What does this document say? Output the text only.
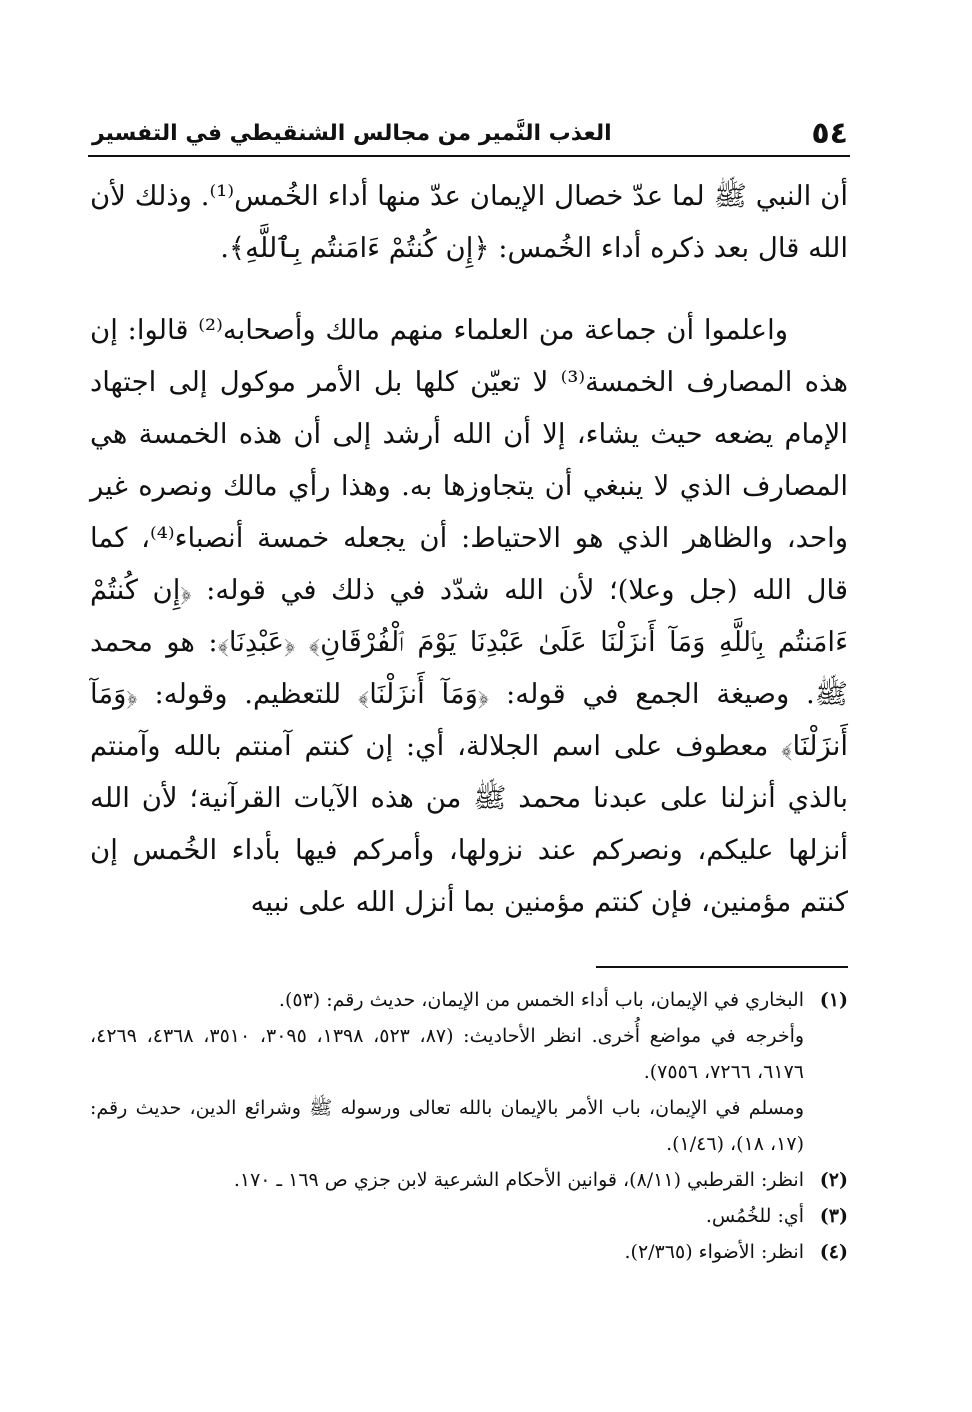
٥٤
العذب النَّمير من مجالس الشنقيطي في التفسير

أن النبي ﷺ لما عدّ خصال الإيمان عدّ منها أداء الخُمس⁽¹⁾. وذلك لأن الله قال بعد ذكره أداء الخُمس: ﴿إِن كُنتُمْ ءَامَنتُم بِٱللَّهِ﴾.

واعلموا أن جماعة من العلماء منهم مالك وأصحابه⁽²⁾ قالوا: إن هذه المصارف الخمسة⁽³⁾ لا تعيّن كلها بل الأمر موكول إلى اجتهاد الإمام يضعه حيث يشاء، إلا أن الله أرشد إلى أن هذه الخمسة هي المصارف الذي لا ينبغي أن يتجاوزها به. وهذا رأي مالك ونصره غير واحد، والظاهر الذي هو الاحتياط: أن يجعله خمسة أنصباء⁽⁴⁾، كما قال الله (جل وعلا)؛ لأن الله شدّد في ذلك في قوله: ﴿إِن كُنتُمْ ءَامَنتُم بِٱللَّهِ وَمَآ أَنزَلْنَا عَلَىٰ عَبْدِنَا يَوْمَ ٱلْفُرْقَانِ﴾ ﴿عَبْدِنَا﴾: هو محمد ﷺ. وصيغة الجمع في قوله: ﴿وَمَآ أَنزَلْنَا﴾ للتعظيم. وقوله: ﴿وَمَآ أَنزَلْنَا﴾ معطوف على اسم الجلالة، أي: إن كنتم آمنتم بالله وآمنتم بالذي أنزلنا على عبدنا محمد ﷺ من هذه الآيات القرآنية؛ لأن الله أنزلها عليكم، ونصركم عند نزولها، وأمركم فيها بأداء الخُمس إن كنتم مؤمنين، فإن كنتم مؤمنين بما أنزل الله على نبيه

(١)
البخاري في الإيمان، باب أداء الخمس من الإيمان، حديث رقم: (٥٣).
وأخرجه في مواضع أُخرى. انظر الأحاديث: (٨٧، ٥٢٣، ١٣٩٨، ٣٠٩٥، ٣٥١٠، ٤٣٦٨، ٤٢٦٩، ٦١٧٦، ٧٢٦٦، ٧٥٥٦).
ومسلم في الإيمان، باب الأمر بالإيمان بالله تعالى ورسوله ﷺ وشرائع الدين، حديث رقم: (١٧، ١٨)، (١/٤٦).
(٢)
انظر: القرطبي (٨/١١)، قوانين الأحكام الشرعية لابن جزي ص ١٦٩ ـ ١٧٠.
(٣)
أي: للخُمُس.
(٤)
انظر: الأضواء (٢/٣٦٥).
